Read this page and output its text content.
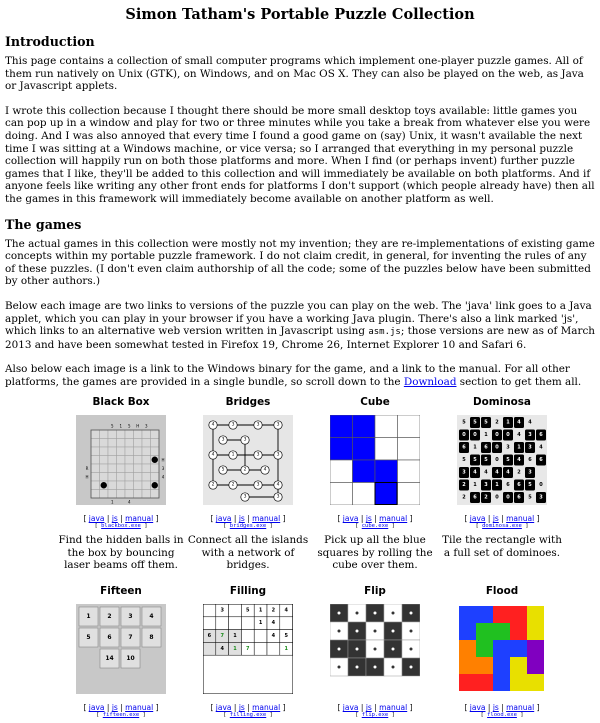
Simon Tatham's Portable Puzzle Collection
Introduction

This page contains a collection of small computer programs which implement one-player puzzle games. All of them run natively on Unix (GTK), on Windows, and on Mac OS X. They can also be played on the web, as Java or Javascript applets.

I wrote this collection because I thought there should be more small desktop toys available: little games you can pop up in a window and play for two or three minutes while you take a break from whatever else you were doing. And I was also annoyed that every time I found a good game on (say) Unix, it wasn't available the next time I was sitting at a Windows machine, or vice versa; so I arranged that everything in my personal puzzle collection will happily run on both those platforms and more. When I find (or perhaps invent) further puzzle games that I like, they'll be added to this collection and will immediately be available on both platforms. And if anyone feels like writing any other front ends for platforms I don't support (which people already have) then all the games in this framework will immediately become available on another platform as well.

The games

The actual games in this collection were mostly not my invention; they are re-implementations of existing game concepts within my portable puzzle framework. I do not claim credit, in general, for inventing the rules of any of these puzzles. (I don't even claim authorship of all the code; some of the puzzles below have been submitted by other authors.)

Below each image are two links to versions of the puzzle you can play on the web. The 'java' link goes to a Java applet, which you can play in your browser if you have a working Java plugin. There's also a link marked 'js', which links to an alternative web version written in Javascript using asm.js; those versions are new as of March 2013 and have been somewhat tested in Firefox 19, Chrome 26, Internet Explorer 10 and Safari 6.

Also below each image is a link to the Windows binary for the game, and a link to the manual. For all other platforms, the games are provided in a single bundle, so scroll down to the Download section to get them all.

Black Box
5 1 5 H 3
H
3
4
R
H
1	4
[ java | js | manual ]
[ blackbox.exe ]
Find the hidden balls in the box by bouncing laser beams off them.
Bridges
4	3	3	3
3	3
4	1	3	3
5	2	4
2	2	3	4
3	3
[ java | js | manual ]
[ bridges.exe ]
Connect all the islands with a network of bridges.
Cube
[ java | js | manual ]
[ cube.exe ]
Pick up all the blue squares by rolling the cube over them.
Dominosa
5 5 5 2 1 4 4
0 0 1 0 0 4 3 6
6 1 6 0 3 1 3 4
5 5 5 0 5 4 6 6
3 4 4 4 4 2 3
2 1 3 1 6 6 5 0
2 6 2 0 0 6 5 3
[ java | js | manual ]
[ dominosa.exe ]
Tile the rectangle with a full set of dominoes.
Fifteen
1	2	3	4
5	6	7	8
14 10
[ java | js | manual ]
[ fifteen.exe ]
Filling
3	5 1 2 4
1 4
6 7 1	4 5
4 1 7	1
[ java | js | manual ]
[ filling.exe ]
Flip
[ java | js | manual ]
[ flip.exe ]
Flood
[ java | js | manual ]
[ flood.exe ]
